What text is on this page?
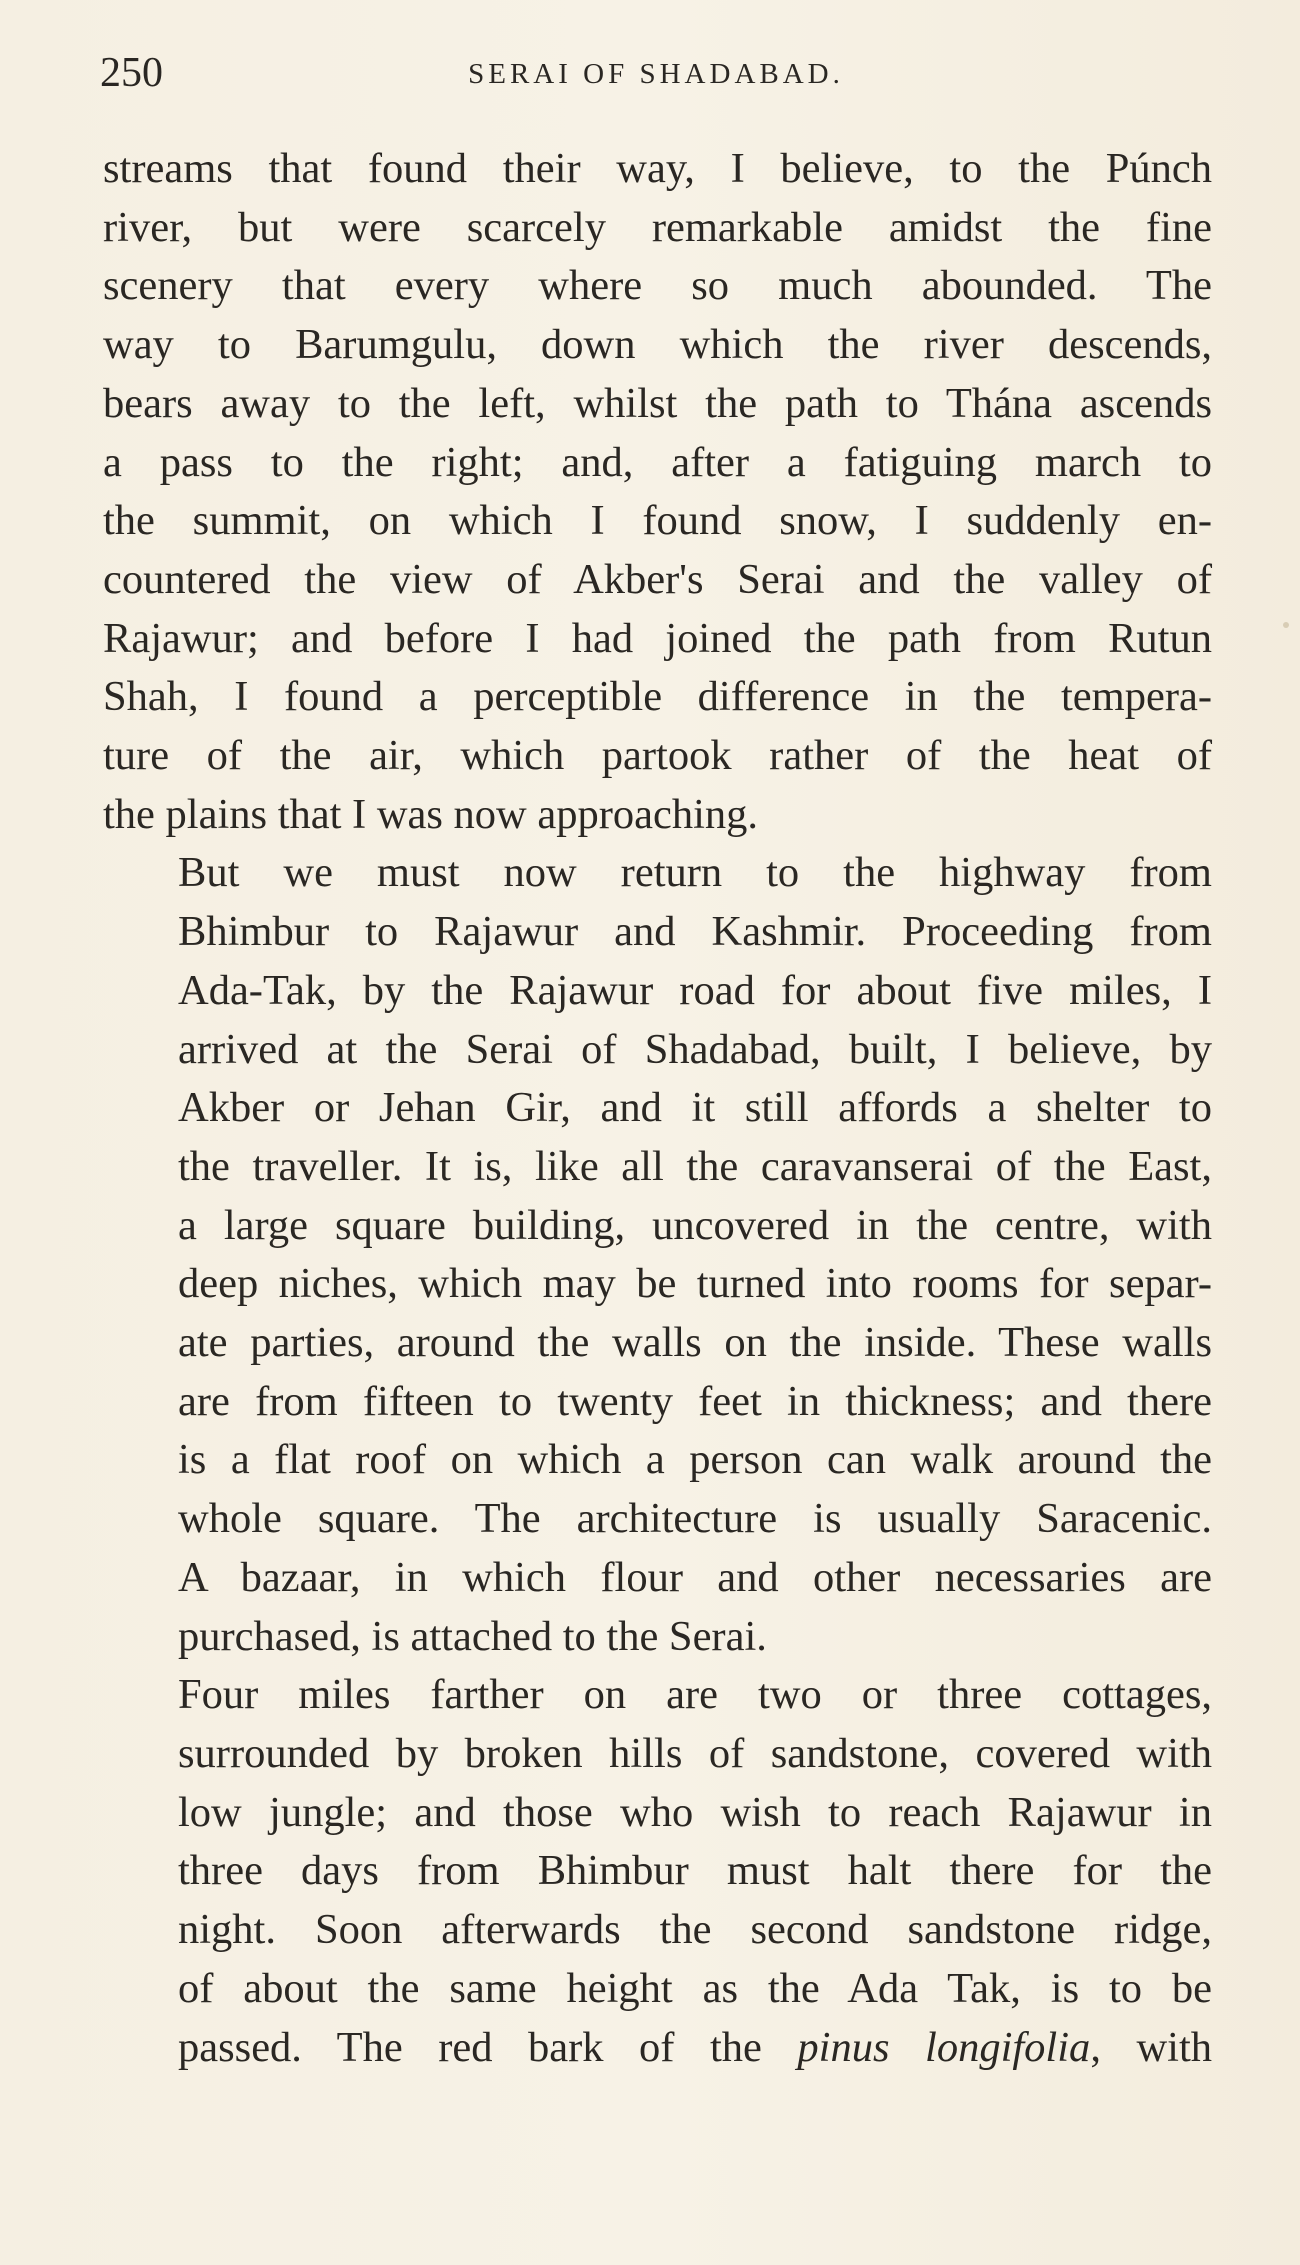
250	SERAI OF SHADABAD.
streams that found their way, I believe, to the Púnch
river, but were scarcely remarkable amidst the fine
scenery that every where so much abounded. The
way to Barumgulu, down which the river descends,
bears away to the left, whilst the path to Thána ascends
a pass to the right; and, after a fatiguing march to
the summit, on which I found snow, I suddenly en-
countered the view of Akber's Serai and the valley of
Rajawur; and before I had joined the path from Rutun
Shah, I found a perceptible difference in the tempera-
ture of the air, which partook rather of the heat of
the plains that I was now approaching.
But we must now return to the highway from
Bhimbur to Rajawur and Kashmir. Proceeding from
Ada-Tak, by the Rajawur road for about five miles, I
arrived at the Serai of Shadabad, built, I believe, by
Akber or Jehan Gir, and it still affords a shelter to
the traveller. It is, like all the caravanserai of the East,
a large square building, uncovered in the centre, with
deep niches, which may be turned into rooms for separ-
ate parties, around the walls on the inside. These walls
are from fifteen to twenty feet in thickness; and there
is a flat roof on which a person can walk around the
whole square. The architecture is usually Saracenic.
A bazaar, in which flour and other necessaries are
purchased, is attached to the Serai.
Four miles farther on are two or three cottages,
surrounded by broken hills of sandstone, covered with
low jungle; and those who wish to reach Rajawur in
three days from Bhimbur must halt there for the
night. Soon afterwards the second sandstone ridge,
of about the same height as the Ada Tak, is to be
passed. The red bark of the pinus longifolia, with
